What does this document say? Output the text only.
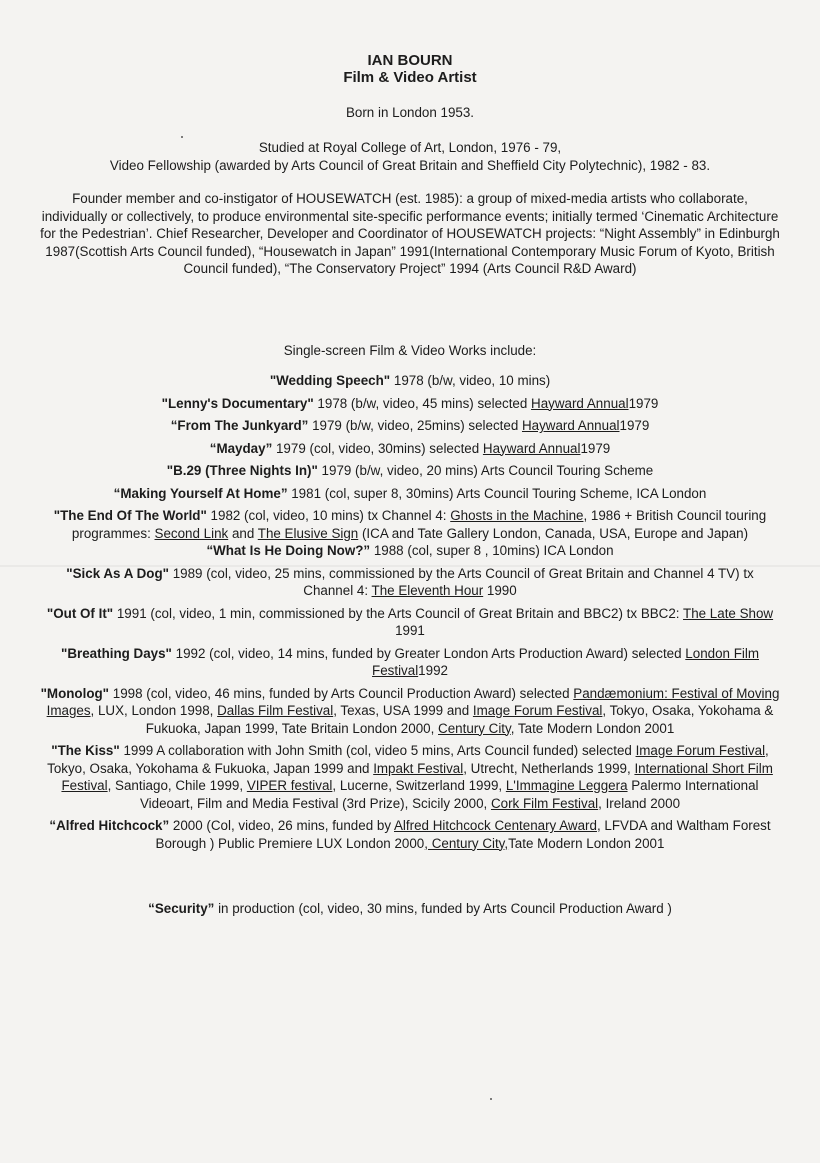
IAN BOURN
Film & Video Artist
Born in London 1953.
Studied at Royal College of Art, London, 1976 - 79,
Video Fellowship (awarded by Arts Council of Great Britain and Sheffield City Polytechnic), 1982 - 83.
Founder member and co-instigator of HOUSEWATCH (est. 1985): a group of mixed-media artists who collaborate, individually or collectively, to produce environmental site-specific performance events; initially termed ‘Cinematic Architecture for the Pedestrian’. Chief Researcher, Developer and Coordinator of HOUSEWATCH projects: “Night Assembly” in Edinburgh 1987(Scottish Arts Council funded), “Housewatch in Japan” 1991(International Contemporary Music Forum of Kyoto, British Council funded), “The Conservatory Project” 1994 (Arts Council R&D Award)
Single-screen Film & Video Works include:
"Wedding Speech" 1978 (b/w, video, 10 mins)
"Lenny's Documentary" 1978 (b/w, video, 45 mins) selected Hayward Annual1979
“From The Junkyard” 1979 (b/w, video, 25mins) selected Hayward Annual1979
“Mayday” 1979 (col, video, 30mins) selected Hayward Annual1979
"B.29 (Three Nights In)" 1979 (b/w, video, 20 mins) Arts Council Touring Scheme
“Making Yourself At Home” 1981 (col, super 8, 30mins) Arts Council Touring Scheme, ICA London
"The End Of The World" 1982 (col, video, 10 mins) tx Channel 4: Ghosts in the Machine, 1986 + British Council touring programmes: Second Link and The Elusive Sign (ICA and Tate Gallery London, Canada, USA, Europe and Japan)
“What Is He Doing Now?” 1988 (col, super 8 , 10mins) ICA London
"Sick As A Dog" 1989 (col, video, 25 mins, commissioned by the Arts Council of Great Britain and Channel 4 TV) tx Channel 4: The Eleventh Hour 1990
"Out Of It" 1991 (col, video, 1 min, commissioned by the Arts Council of Great Britain and BBC2) tx BBC2: The Late Show 1991
"Breathing Days" 1992 (col, video, 14 mins, funded by Greater London Arts Production Award) selected London Film Festival1992
"Monolog" 1998 (col, video, 46 mins, funded by Arts Council Production Award) selected Pandæmonium: Festival of Moving Images, LUX, London 1998, Dallas Film Festival, Texas, USA 1999 and Image Forum Festival, Tokyo, Osaka, Yokohama & Fukuoka, Japan 1999, Tate Britain London 2000, Century City, Tate Modern London 2001
"The Kiss" 1999 A collaboration with John Smith (col, video 5 mins, Arts Council funded) selected Image Forum Festival, Tokyo, Osaka, Yokohama & Fukuoka, Japan 1999 and Impakt Festival, Utrecht, Netherlands 1999, International Short Film Festival, Santiago, Chile 1999, VIPER festival, Lucerne, Switzerland 1999, L'Immagine Leggera Palermo International Videoart, Film and Media Festival (3rd Prize), Scicily 2000, Cork Film Festival, Ireland 2000
“Alfred Hitchcock” 2000 (Col, video, 26 mins, funded by Alfred Hitchcock Centenary Award, LFVDA and Waltham Forest Borough ) Public Premiere LUX London 2000, Century City,Tate Modern London 2001
“Security” in production (col, video, 30 mins, funded by Arts Council Production Award )
